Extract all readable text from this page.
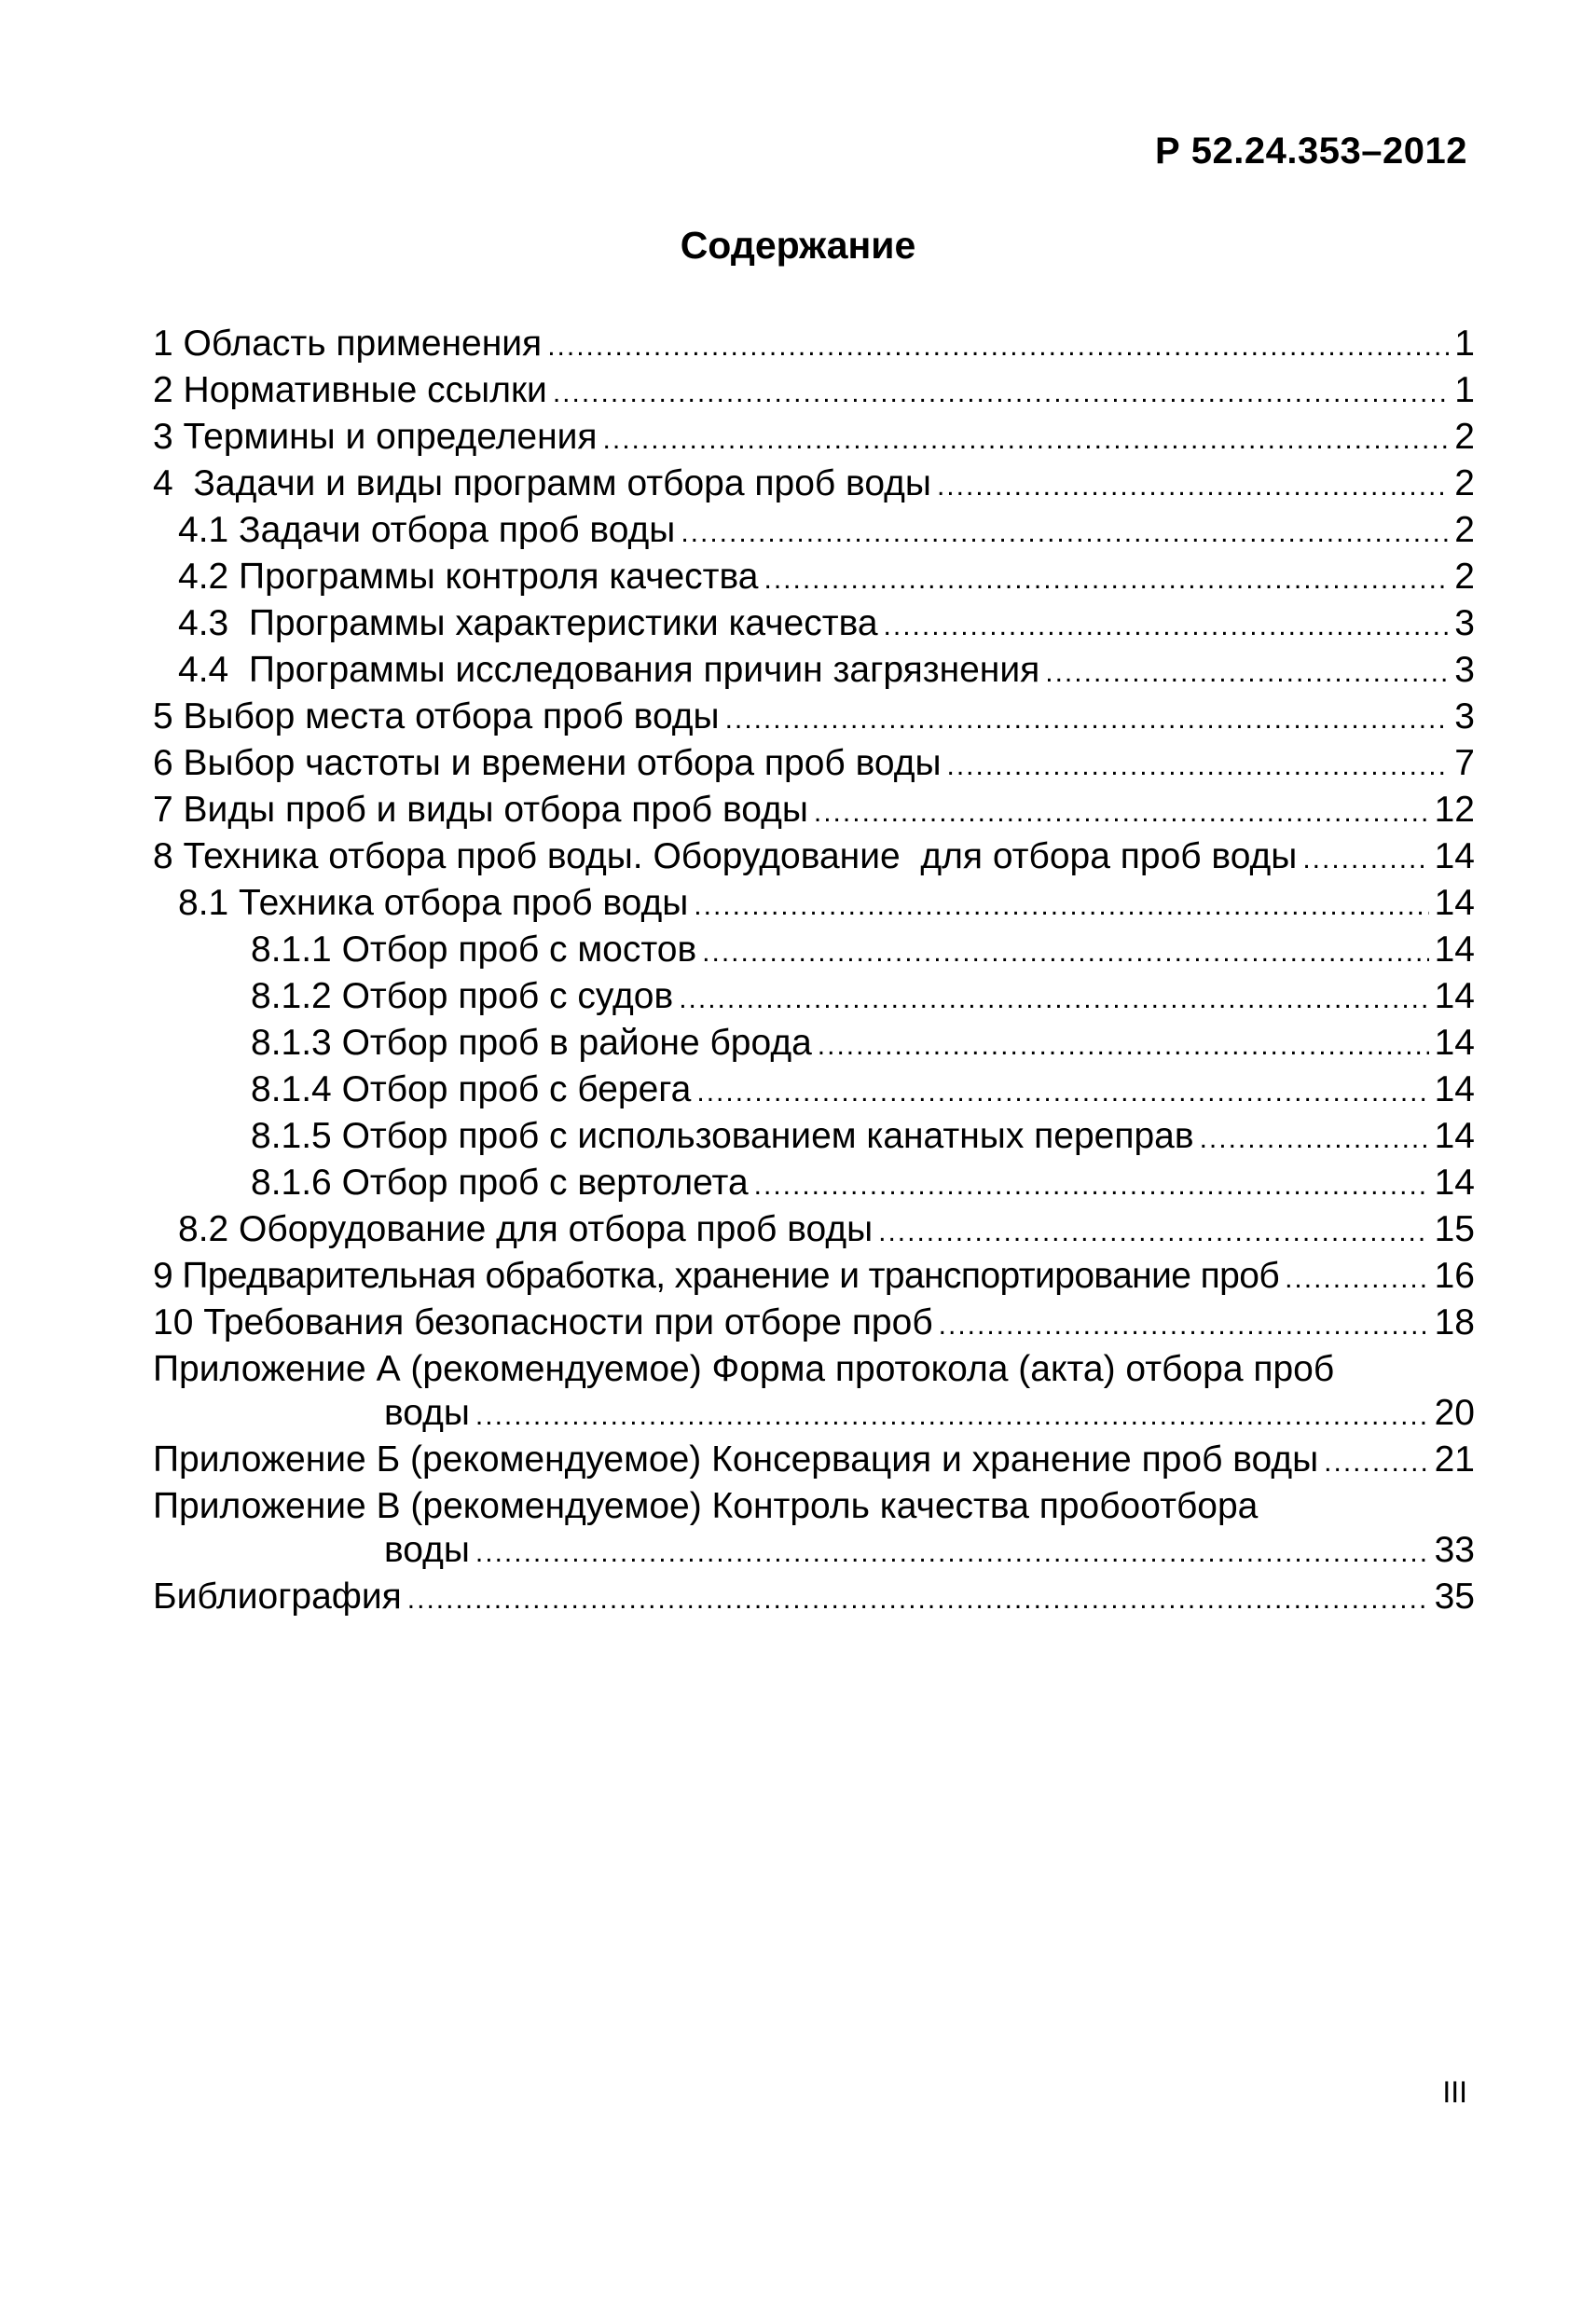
Р 52.24.353–2012
Содержание
1 Область применения .....	1
2 Нормативные ссылки .....	1
3 Термины и определения .....	2
4  Задачи и виды программ отбора проб воды .....	2
4.1 Задачи отбора проб воды .....	2
4.2 Программы контроля качества .....	2
4.3  Программы характеристики качества .....	3
4.4  Программы исследования причин загрязнения .....	3
5 Выбор места отбора проб воды .....	3
6 Выбор частоты и времени отбора проб воды .....	7
7 Виды проб и виды отбора проб воды .....	12
8 Техника отбора проб воды. Оборудование  для отбора проб воды .....	14
8.1 Техника отбора проб воды .....	14
8.1.1 Отбор проб с мостов .....	14
8.1.2 Отбор проб с судов .....	14
8.1.3 Отбор проб в районе брода .....	14
8.1.4 Отбор проб с берега .....	14
8.1.5 Отбор проб с использованием канатных переправ .....	14
8.1.6 Отбор проб с вертолета .....	14
8.2 Оборудование для отбора проб воды .....	15
9 Предварительная обработка, хранение и транспортирование проб .....	16
10 Требования безопасности при отборе проб .....	18
Приложение А (рекомендуемое) Форма протокола (акта) отбора проб
воды .....	20
Приложение Б (рекомендуемое) Консервация и хранение проб воды .....	21
Приложение В (рекомендуемое) Контроль качества пробоотбора
воды .....	33
Библиография .....	35
III
